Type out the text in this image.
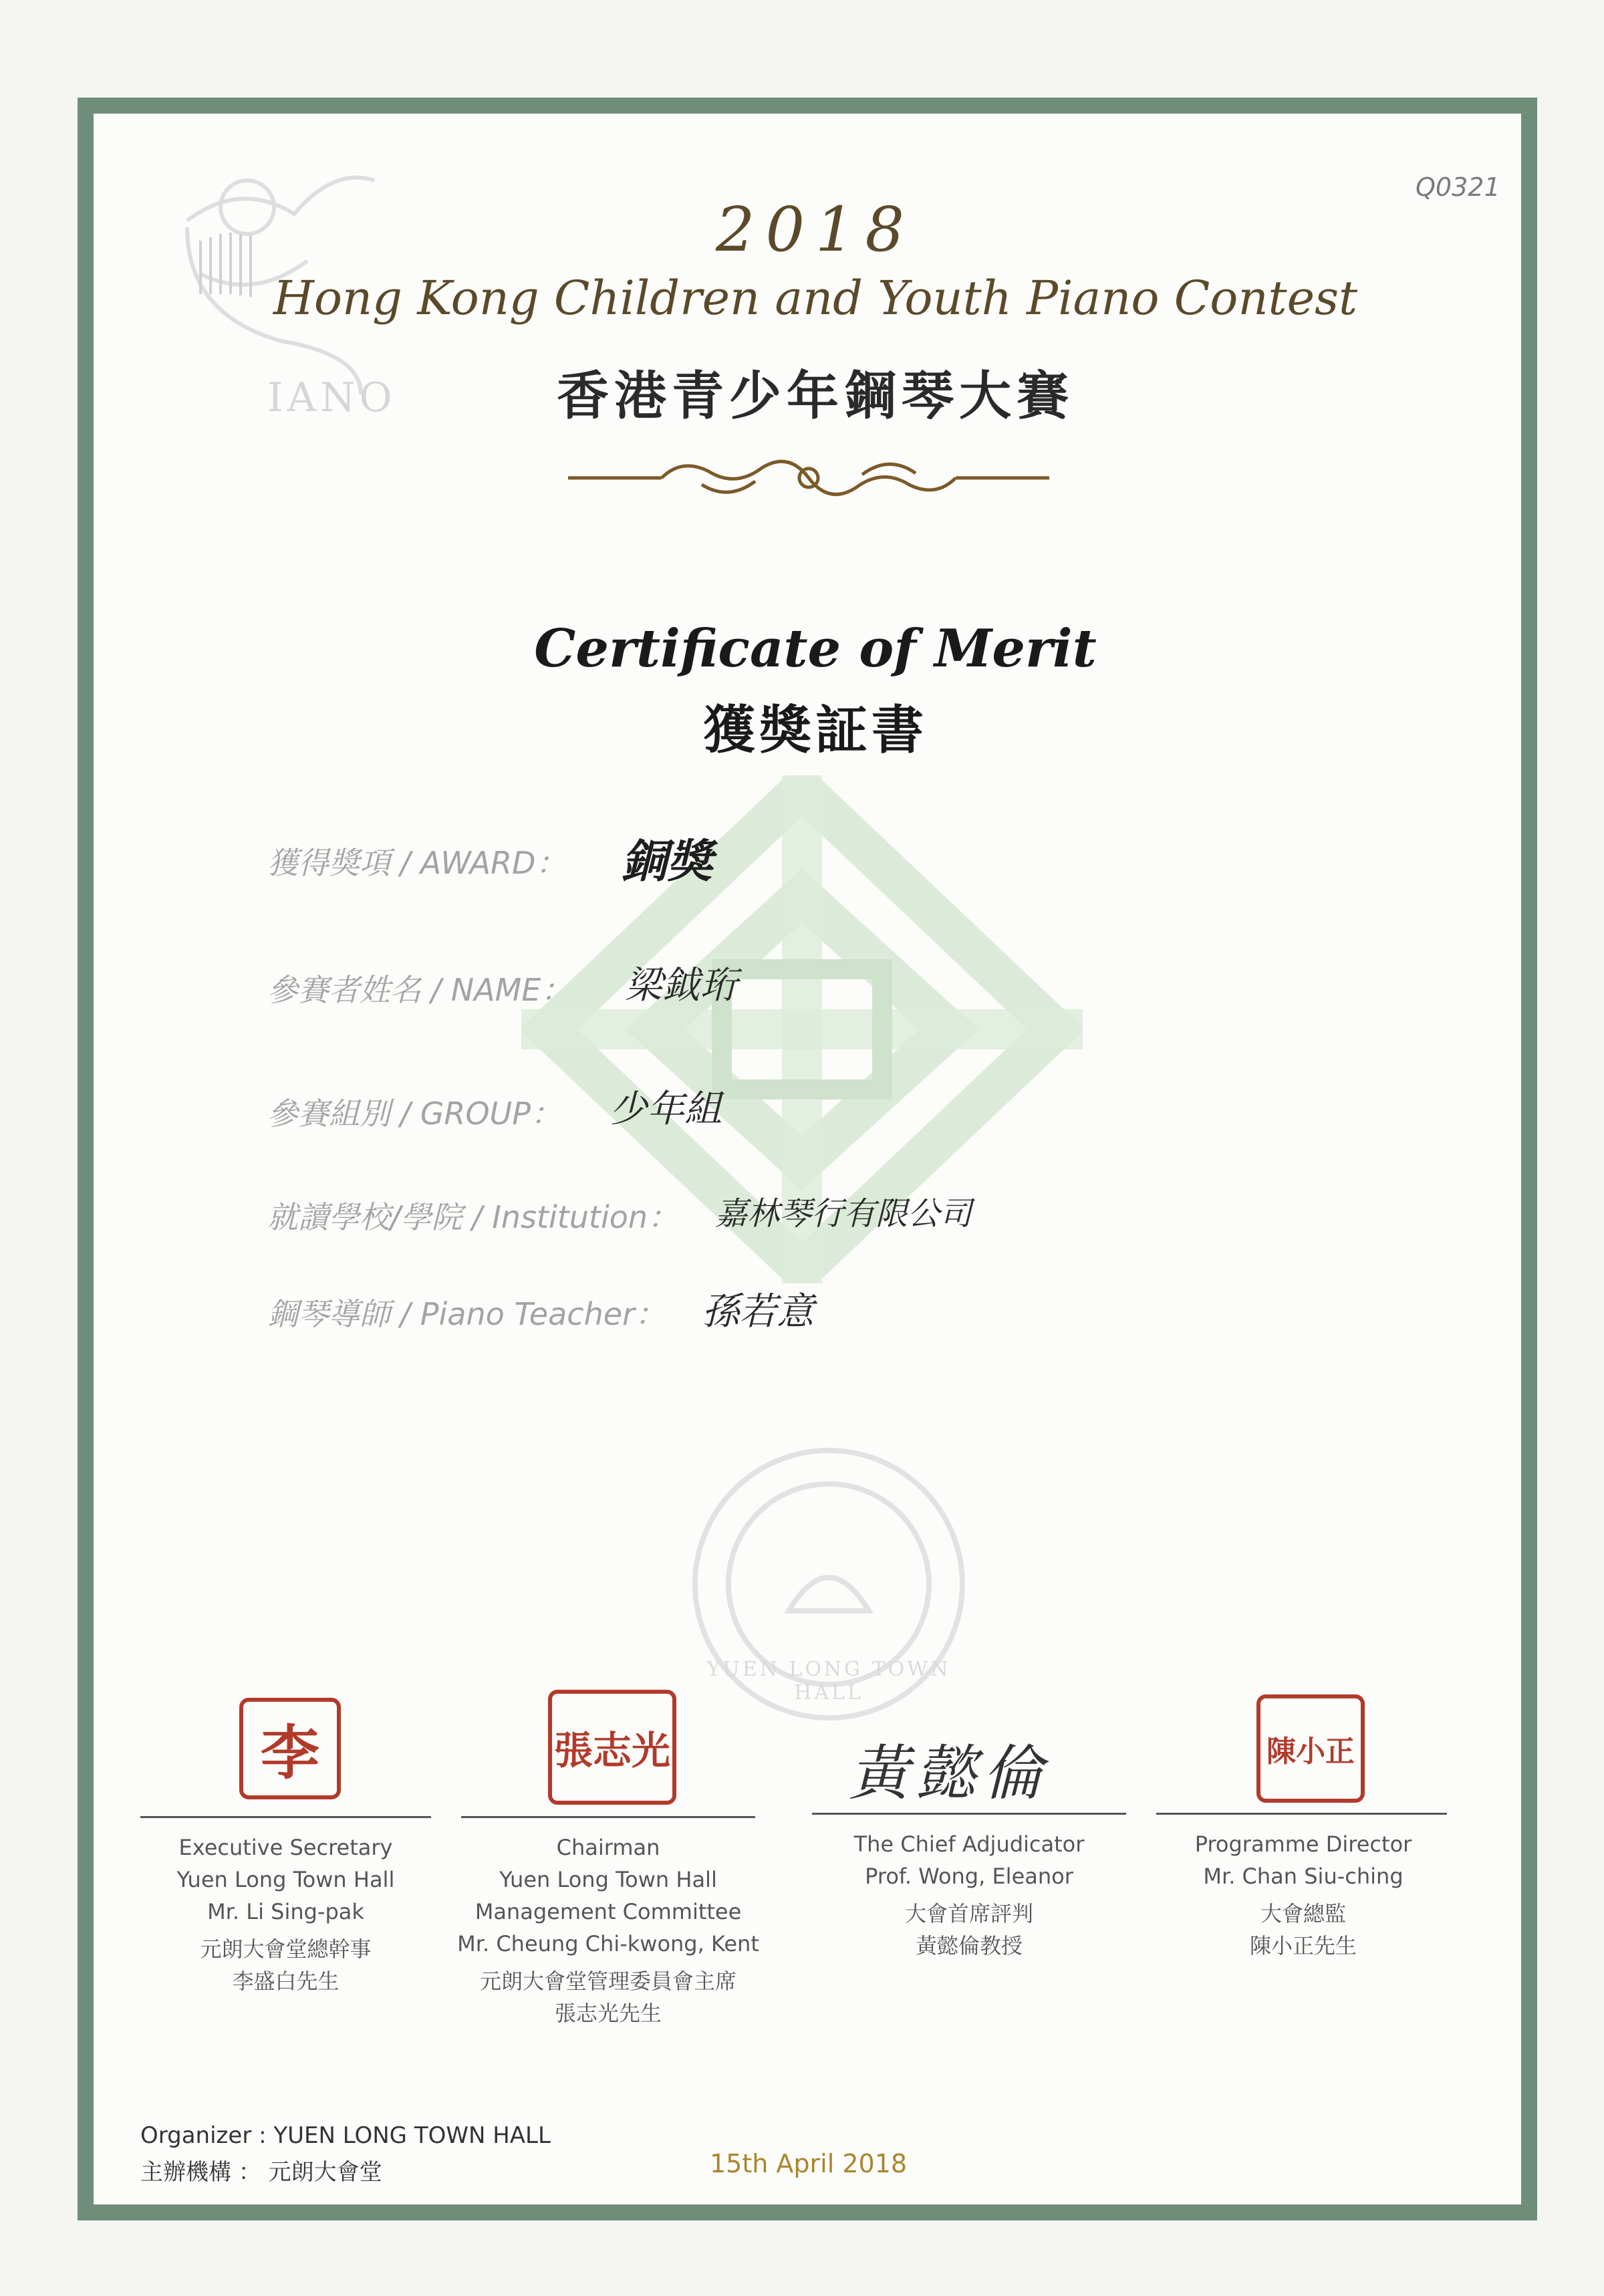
IANO
Q0321
2018
Hong Kong Children and Youth Piano Contest
香港青少年鋼琴大賽
Certificate of Merit
獲獎証書
獲得獎項 / AWARD： 銅獎
參賽者姓名 / NAME： 梁鉞珩
參賽組別 / GROUP： 少年組
就讀學校/學院 / Institution： 嘉林琴行有限公司
鋼琴導師 / Piano Teacher： 孫若意
YUEN LONG TOWN HALL
李
Executive Secretary
Yuen Long Town Hall
Mr. Li Sing-pak
元朗大會堂總幹事
李盛白先生
張志光
Chairman
Yuen Long Town Hall
Management Committee
Mr. Cheung Chi-kwong, Kent
元朗大會堂管理委員會主席
張志光先生
黃懿倫
The Chief Adjudicator
Prof. Wong, Eleanor
大會首席評判
黃懿倫教授
陳小正
Programme Director
Mr. Chan Siu-ching
大會總監
陳小正先生
Organizer : YUEN LONG TOWN HALL
主辦機構 ： 元朗大會堂	15th April 2018
